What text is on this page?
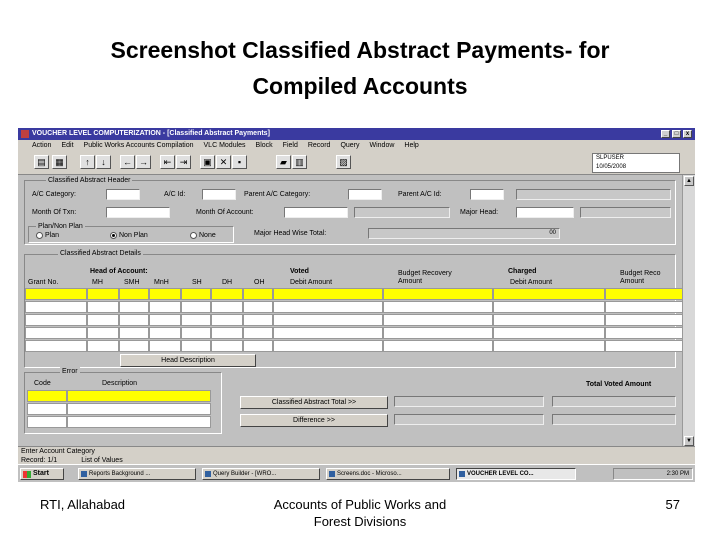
Screenshot Classified Abstract Payments- for
Compiled Accounts
VOUCHER LEVEL COMPUTERIZATION - [Classified Abstract Payments]	_	□	x
Action	Edit	Public Works Accounts Compilation	VLC Modules	Block	Field	Record	Query	Window	Help
▤	▦	↑	↓	← →	⇤ ⇥	▣ ✕	▪	▰ ▥	▨	SLPUSER
10/05/2008
Classified Abstract Header
A/C Category:	A/C Id:	Parent A/C Category:	Parent A/C Id:
Month Of Txn:	Month Of Account:	Major Head:
Plan/Non Plan
Plan	Non Plan	None	Major Head Wise Total:	00
Classified Abstract Details
Head of Account:	Voted	Budget Recovery
Amount
Charged	Budget Reco
Amount
Grant No.	MH	SMH MnH	SH	DH	OH	Debit Amount	Debit Amount
Head Description
Error
Code	Description	Total Voted Amount
Classified Abstract Total >>
Difference >>
▲
▼
Enter Account Category
Record: 1/1	List of Values
Start	Reports Background ...	Query Builder - [WRO...	Screens.doc - Microso...	VOUCHER LEVEL CO...	2:30 PM
RTI, Allahabad	Accounts of Public Works and
Forest Divisions
57
